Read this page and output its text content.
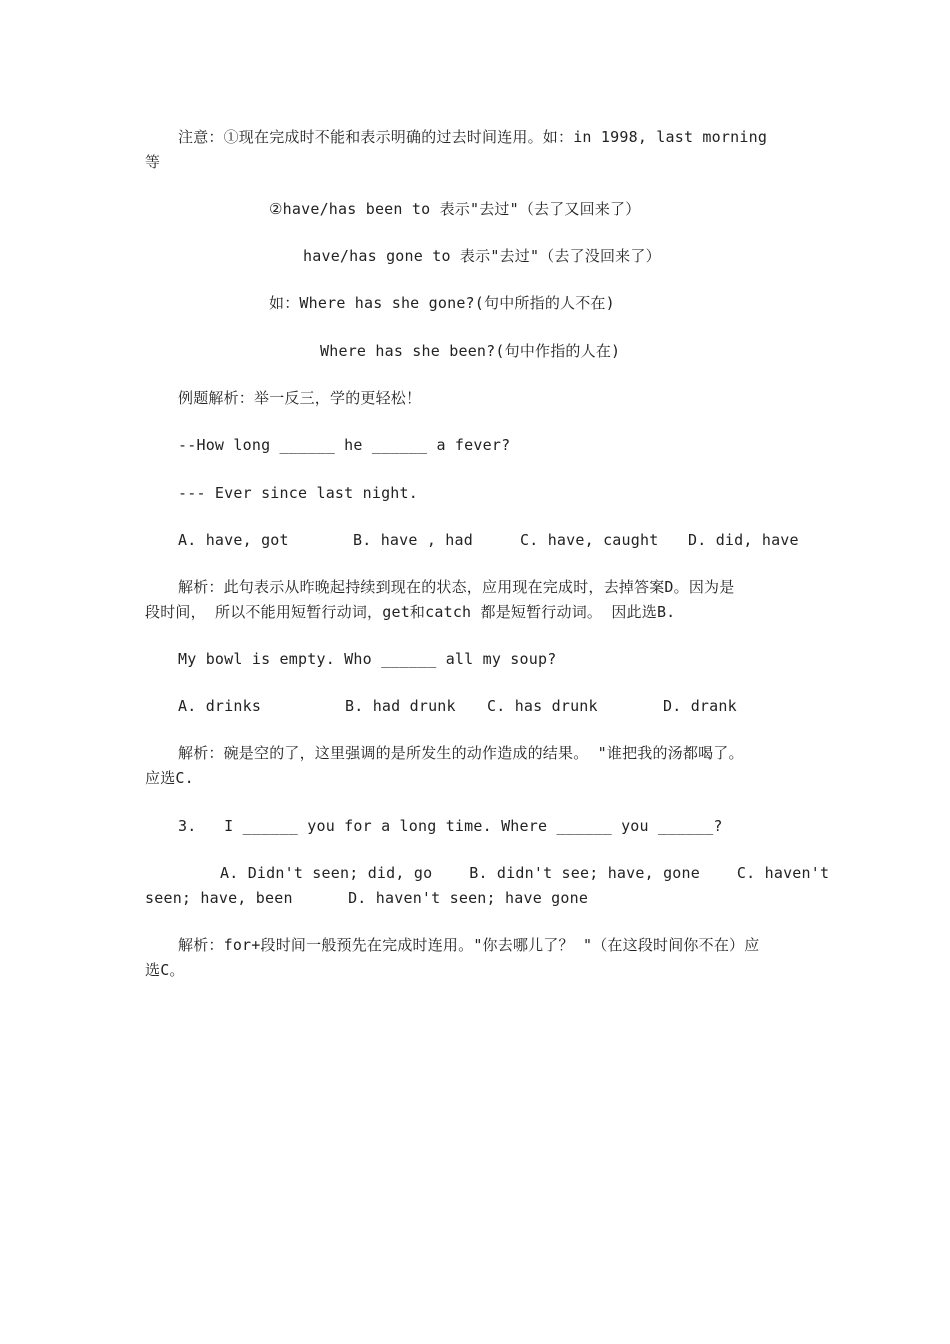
注意：①现在完成时不能和表示明确的过去时间连用。如：in 1998, last morning
等
②have/has been to 表示"去过"（去了又回来了）
have/has gone to 表示"去过"（去了没回来了）
如：Where has she gone?(句中所指的人不在)
Where has she been?(句中作指的人在)
例题解析：举一反三，学的更轻松！
--How long ______ he ______ a fever?
--- Ever since last night.
A. have, got	B. have , had	C. have, caught D. did, have
解析：此句表示从昨晚起持续到现在的状态，应用现在完成时，去掉答案D。因为是
段时间， 所以不能用短暂行动词，get和catch 都是短暂行动词。 因此选B.
My bowl is empty. Who ______ all my soup?
A. drinks	B. had drunk C. has drunk	D. drank
解析：碗是空的了，这里强调的是所发生的动作造成的结果。 "谁把我的汤都喝了。
应选C.
3.   I ______ you for a long time. Where ______ you ______?
A. Didn't seen; did, go    B. didn't see; have, gone    C. haven't
seen; have, been      D. haven't seen; have gone
解析：for+段时间一般预先在完成时连用。"你去哪儿了？ "（在这段时间你不在）应
选C。
